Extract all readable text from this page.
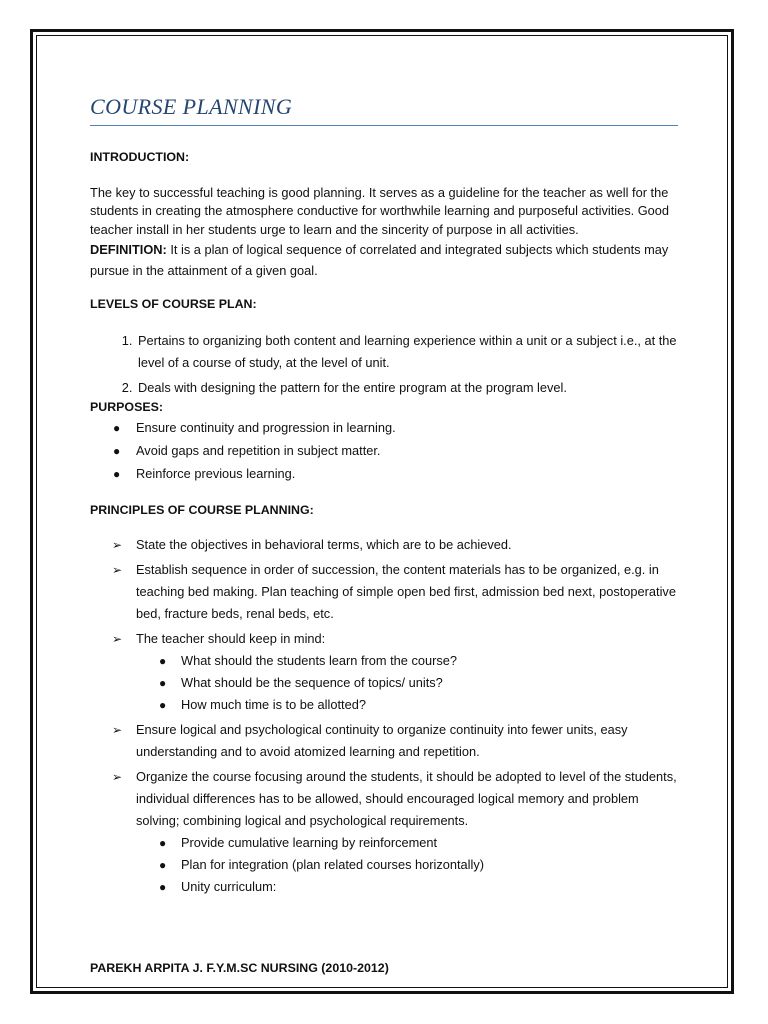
COURSE PLANNING
INTRODUCTION:

The key to successful teaching is good planning. It serves as a guideline for the teacher as well for the students in creating the atmosphere conductive for worthwhile learning and purposeful activities. Good teacher install in her students urge to learn and the sincerity of purpose in all activities.

DEFINITION: It is a plan of logical sequence of correlated and integrated subjects which students may pursue in the attainment of a given goal.

LEVELS OF COURSE PLAN:
1. Pertains to organizing both content and learning experience within a unit or a subject i.e., at the level of a course of study, at the level of unit.
2. Deals with designing the pattern for the entire program at the program level.
PURPOSES:
● Ensure continuity and progression in learning.
● Avoid gaps and repetition in subject matter.
● Reinforce previous learning.
PRINCIPLES OF COURSE PLANNING:
➢ State the objectives in behavioral terms, which are to be achieved.
➢ Establish sequence in order of succession, the content materials has to be organized, e.g. in teaching bed making. Plan teaching of simple open bed first, admission bed next, postoperative bed, fracture beds, renal beds, etc.
➢ The teacher should keep in mind:
● What should the students learn from the course?
● What should be the sequence of topics/ units?
● How much time is to be allotted?
➢ Ensure logical and psychological continuity to organize continuity into fewer units, easy understanding and to avoid atomized learning and repetition.
➢ Organize the course focusing around the students, it should be adopted to level of the students, individual differences has to be allowed, should encouraged logical memory and problem solving; combining logical and psychological requirements.
● Provide cumulative learning by reinforcement
● Plan for integration (plan related courses horizontally)
● Unity curriculum:
PAREKH ARPITA J. F.Y.M.SC NURSING (2010-2012)
